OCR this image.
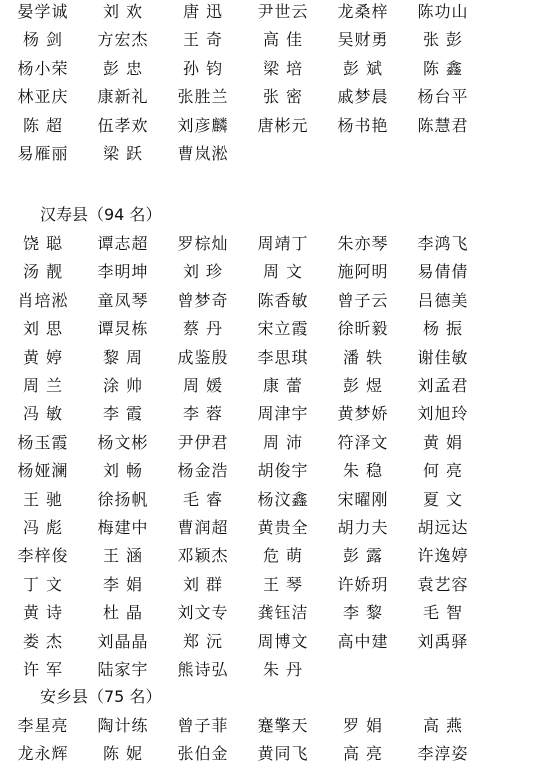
晏学诚	刘 欢	唐 迅	尹世云	龙桑梓	陈功山
杨 剑	方宏杰	王 奇	高 佳	吴财勇	张 彭
杨小荣	彭 忠	孙 钧	梁 培	彭 斌	陈 鑫
林亚庆	康新礼	张胜兰	张 密	戚梦晨	杨台平
陈 超	伍孝欢	刘彦麟	唐彬元	杨书艳	陈慧君
易雁丽	梁 跃	曹岚淞
汉寿县（94 名）
饶 聪	谭志超	罗棕灿	周靖丁	朱亦琴	李鸿飞
汤 靓	李明坤	刘 珍	周 文	施阿明	易倩倩
肖培淞	童凤琴	曾梦奇	陈香敏	曾子云	吕德美
刘 思	谭炅栋	蔡 丹	宋立霞	徐昕毅	杨 振
黄 婷	黎 周	成鉴殷	李思琪	潘 轶	谢佳敏
周 兰	涂 帅	周 媛	康 蕾	彭 煜	刘孟君
冯 敏	李 霞	李 蓉	周津宇	黄梦娇	刘旭玲
杨玉霞	杨文彬	尹伊君	周 沛	符泽文	黄 娟
杨娅澜	刘 畅	杨金浩	胡俊宇	朱 稳	何 亮
王 驰	徐扬帆	毛 睿	杨汶鑫	宋曜刚	夏 文
冯 彪	梅建中	曹润超	黄贵全	胡力夫	胡远达
李梓俊	王 涵	邓颖杰	危 萌	彭 露	许逸婷
丁 文	李 娟	刘 群	王 琴	许娇玥	袁艺容
黄 诗	杜 晶	刘文专	龚钰洁	李 黎	毛 智
娄 杰	刘晶晶	郑 沅	周博文	高中建	刘禹驿
许 军	陆家宇	熊诗弘	朱 丹
安乡县（75 名）
李星亮	陶计练	曾子菲	蹇擎天	罗 娟	高 燕
龙永辉	陈 妮	张伯金	黄同飞	高 亮	李淳姿
